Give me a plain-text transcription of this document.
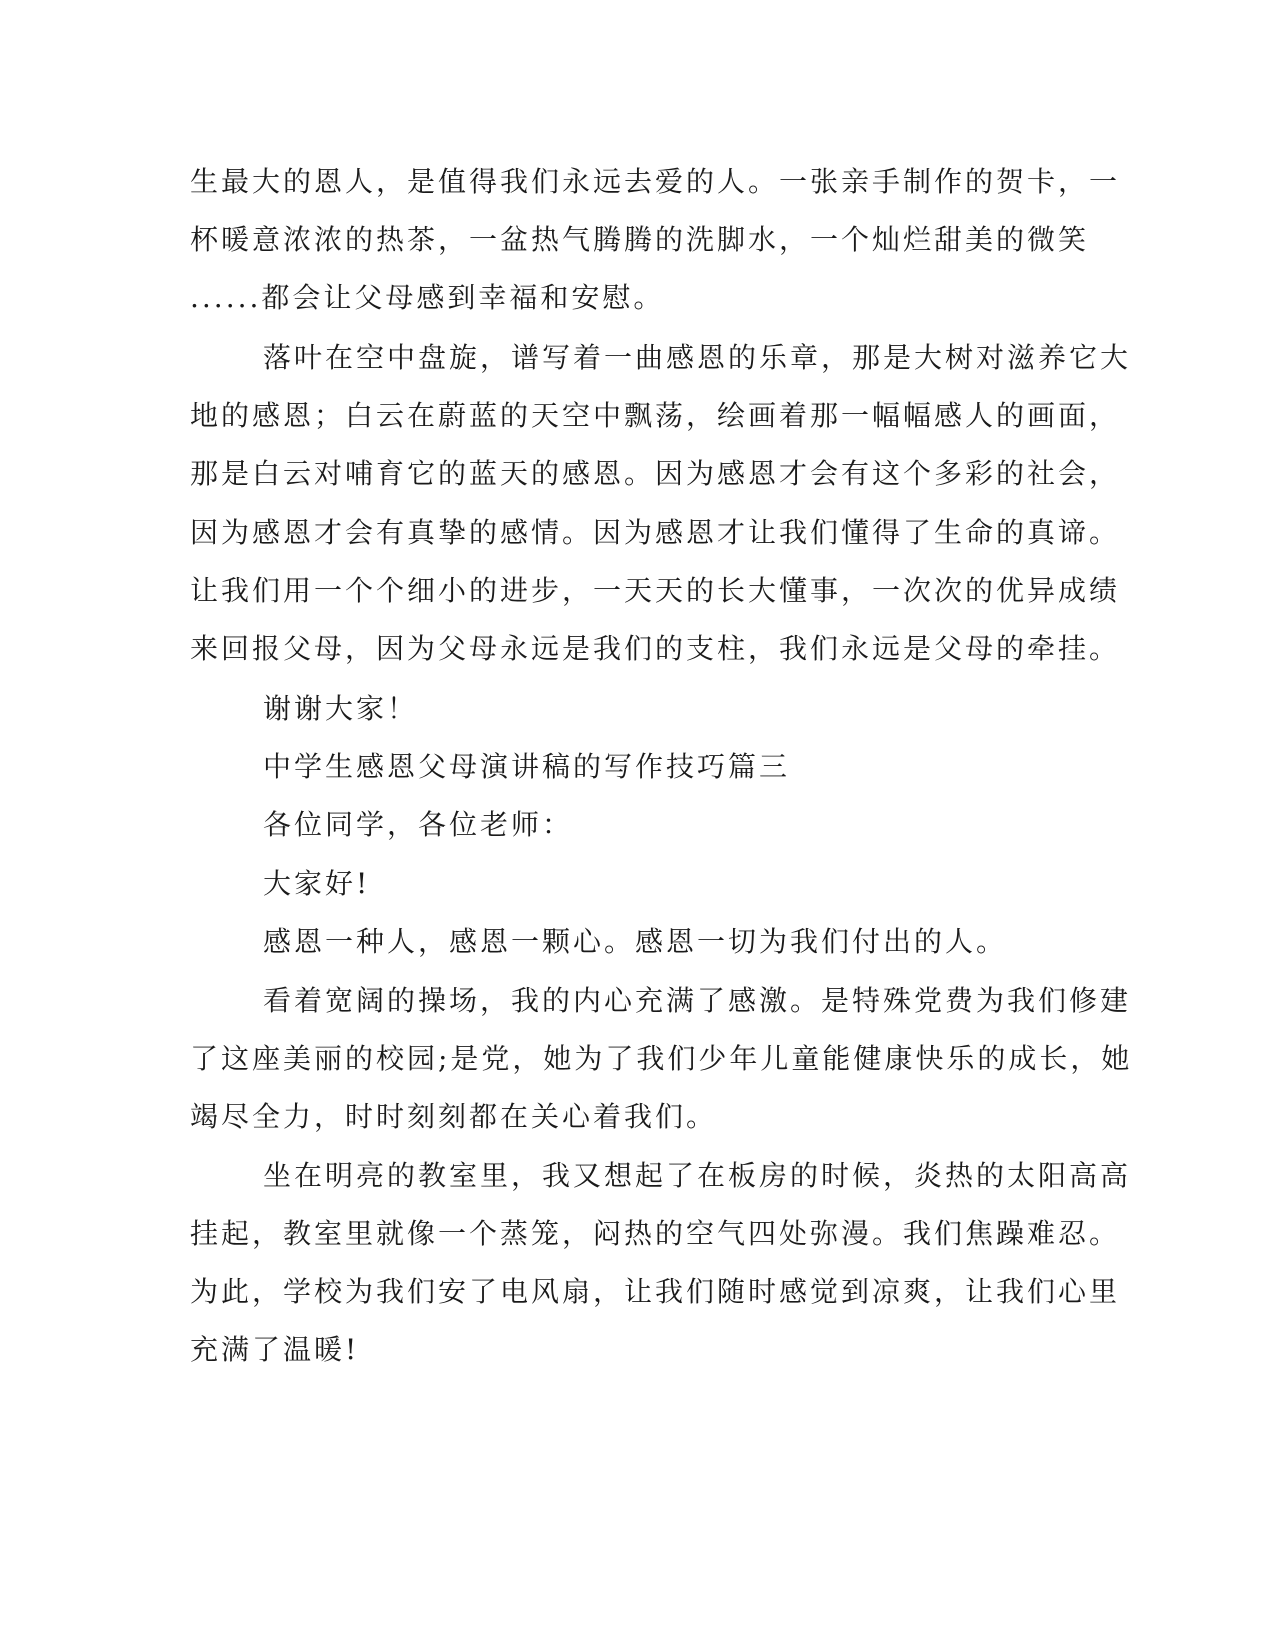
生最大的恩人，是值得我们永远去爱的人。一张亲手制作的贺卡，一
杯暖意浓浓的热茶，一盆热气腾腾的洗脚水，一个灿烂甜美的微笑
......都会让父母感到幸福和安慰。
落叶在空中盘旋，谱写着一曲感恩的乐章，那是大树对滋养它大
地的感恩；白云在蔚蓝的天空中飘荡，绘画着那一幅幅感人的画面，
那是白云对哺育它的蓝天的感恩。因为感恩才会有这个多彩的社会，
因为感恩才会有真挚的感情。因为感恩才让我们懂得了生命的真谛。
让我们用一个个细小的进步，一天天的长大懂事，一次次的优异成绩
来回报父母，因为父母永远是我们的支柱，我们永远是父母的牵挂。
谢谢大家！
中学生感恩父母演讲稿的写作技巧篇三
各位同学，各位老师：
大家好!
感恩一种人，感恩一颗心。感恩一切为我们付出的人。
看着宽阔的操场，我的内心充满了感激。是特殊党费为我们修建
了这座美丽的校园;是党，她为了我们少年儿童能健康快乐的成长，她
竭尽全力，时时刻刻都在关心着我们。
坐在明亮的教室里，我又想起了在板房的时候，炎热的太阳高高
挂起，教室里就像一个蒸笼，闷热的空气四处弥漫。我们焦躁难忍。
为此，学校为我们安了电风扇，让我们随时感觉到凉爽，让我们心里
充满了温暖!
